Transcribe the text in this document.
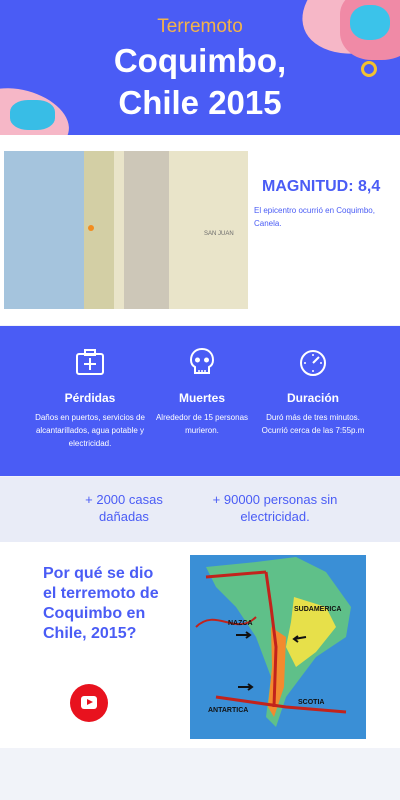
Terremoto
Coquimbo,
Chile 2015
SAN JUAN
MAGNITUD: 8,4
El epicentro ocurrió en Coquimbo, Canela.
Pérdidas
Daños en puertos, servicios de alcantarillados, agua potable y electricidad.
Muertes
Alrededor de 15 personas murieron.
Duración
Duró más de tres minutos. Ocurrió cerca de las 7:55p.m
+ 2000 casas dañadas
+ 90000 personas sin electricidad.
Por qué se dio el terremoto de Coquimbo en Chile, 2015?
NAZCA
SUDAMERICA
ANTARTICA
SCOTIA
